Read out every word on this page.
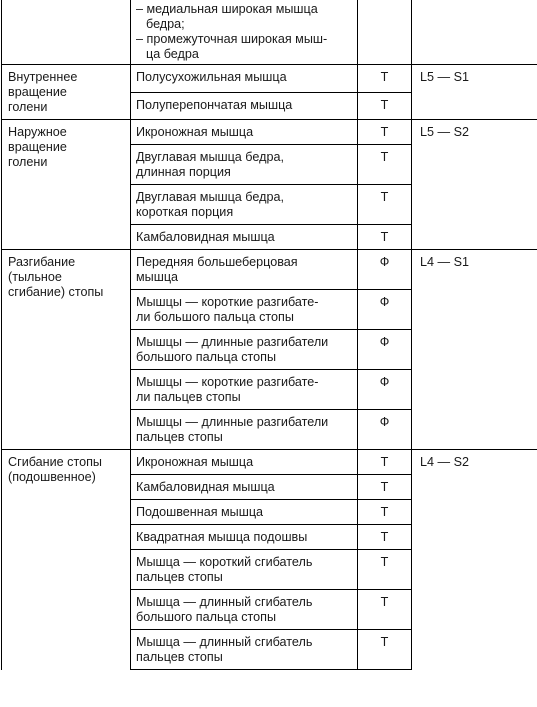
	– медиальная широкая мышца
бедра;
– промежуточная широкая мыш-
ца бедра		

Внутреннее
вращение
голени	Полусухожильная мышца	Т	L5 — S1

	Полуперепончатая мышца	Т	

Наружное
вращение
голени	Икроножная мышца	Т	L5 — S2

	Двуглавая мышца бедра,
длинная порция	Т	

	Двуглавая мышца бедра,
короткая порция	Т	

	Камбаловидная мышца	Т	

Разгибание
(тыльное
сгибание) стопы	Передняя большеберцовая
мышца	Ф	L4 — S1

	Мышцы — короткие разгибате-
ли большого пальца стопы	Ф	

	Мышцы — длинные разгибатели
большого пальца стопы	Ф	

	Мышцы — короткие разгибате-
ли пальцев стопы	Ф	

	Мышцы — длинные разгибатели
пальцев стопы	Ф	

Сгибание стопы
(подошвенное)	Икроножная мышца	Т	L4 — S2

	Камбаловидная мышца	Т	

	Подошвенная мышца	Т	

	Квадратная мышца подошвы	Т	

	Мышца — короткий сгибатель
пальцев стопы	Т	

	Мышца — длинный сгибатель
большого пальца стопы	Т	

	Мышца — длинный сгибатель
пальцев стопы	Т	
